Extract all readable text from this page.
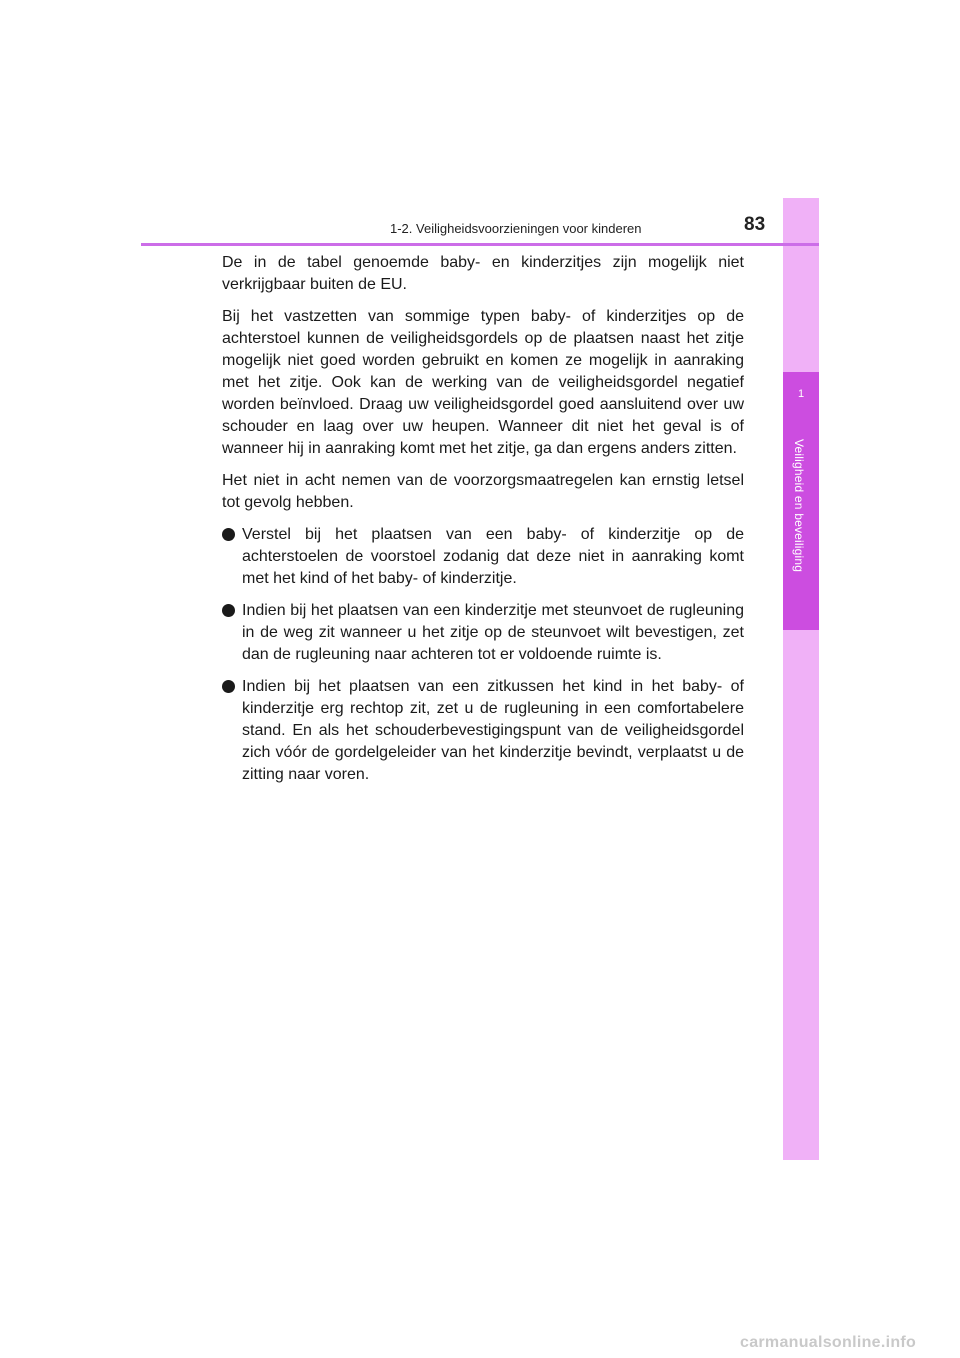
1
Veiligheid en beveiliging
1-2. Veiligheidsvoorzieningen voor kinderen	83

De in de tabel genoemde baby- en kinderzitjes zijn mogelijk niet verkrijgbaar buiten de EU.

Bij het vastzetten van sommige typen baby- of kinderzitjes op de achterstoel kunnen de veiligheidsgordels op de plaatsen naast het zitje mogelijk niet goed worden gebruikt en komen ze mogelijk in aanraking met het zitje. Ook kan de werking van de veiligheidsgordel negatief worden beïnvloed. Draag uw veiligheidsgordel goed aansluitend over uw schouder en laag over uw heupen. Wanneer dit niet het geval is of wanneer hij in aanraking komt met het zitje, ga dan ergens anders zitten.

Het niet in acht nemen van de voorzorgsmaatregelen kan ernstig letsel tot gevolg hebben.

Verstel bij het plaatsen van een baby- of kinderzitje op de achterstoelen de voorstoel zodanig dat deze niet in aanraking komt met het kind of het baby- of kinderzitje.
Indien bij het plaatsen van een kinderzitje met steunvoet de rugleuning in de weg zit wanneer u het zitje op de steunvoet wilt bevestigen, zet dan de rugleuning naar achteren tot er voldoende ruimte is.
Indien bij het plaatsen van een zitkussen het kind in het baby- of kinderzitje erg rechtop zit, zet u de rugleuning in een comfortabelere stand. En als het schouderbevestigingspunt van de veiligheidsgordel zich vóór de gordelgeleider van het kinderzitje bevindt, verplaatst u de zitting naar voren.
carmanualsonline.info
